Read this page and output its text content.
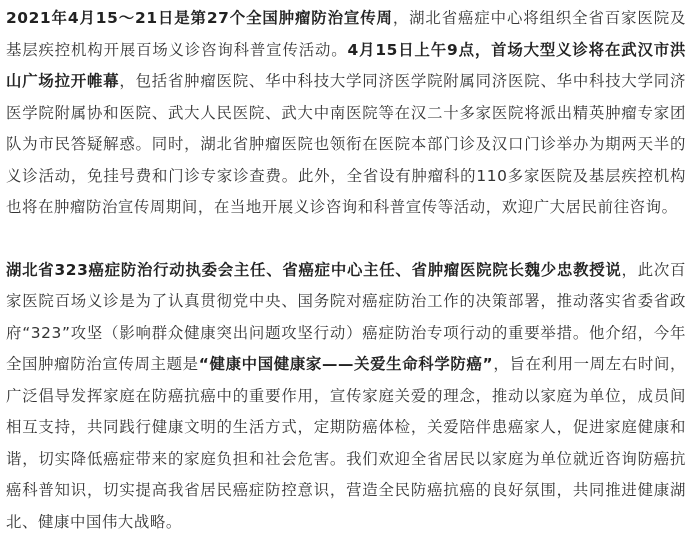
2021年4月15～21日是第27个全国肿瘤防治宣传周，湖北省癌症中心将组织全省百家医院及基层疾控机构开展百场义诊咨询科普宣传活动。4月15日上午9点，首场大型义诊将在武汉市洪山广场拉开帷幕，包括省肿瘤医院、华中科技大学同济医学院附属同济医院、华中科技大学同济医学院附属协和医院、武大人民医院、武大中南医院等在汉二十多家医院将派出精英肿瘤专家团队为市民答疑解惑。同时，湖北省肿瘤医院也领衔在医院本部门诊及汉口门诊举办为期两天半的义诊活动，免挂号费和门诊专家诊查费。此外，全省设有肿瘤科的110多家医院及基层疾控机构也将在肿瘤防治宣传周期间，在当地开展义诊咨询和科普宣传等活动，欢迎广大居民前往咨询。

湖北省323癌症防治行动执委会主任、省癌症中心主任、省肿瘤医院院长魏少忠教授说，此次百家医院百场义诊是为了认真贯彻党中央、国务院对癌症防治工作的决策部署，推动落实省委省政府“323”攻坚（影响群众健康突出问题攻坚行动）癌症防治专项行动的重要举措。他介绍，今年全国肿瘤防治宣传周主题是“健康中国健康家——关爱生命科学防癌”，旨在利用一周左右时间，广泛倡导发挥家庭在防癌抗癌中的重要作用，宣传家庭关爱的理念，推动以家庭为单位，成员间相互支持，共同践行健康文明的生活方式，定期防癌体检，关爱陪伴患癌家人，促进家庭健康和谐，切实降低癌症带来的家庭负担和社会危害。我们欢迎全省居民以家庭为单位就近咨询防癌抗癌科普知识，切实提高我省居民癌症防控意识，营造全民防癌抗癌的良好氛围，共同推进健康湖北、健康中国伟大战略。
